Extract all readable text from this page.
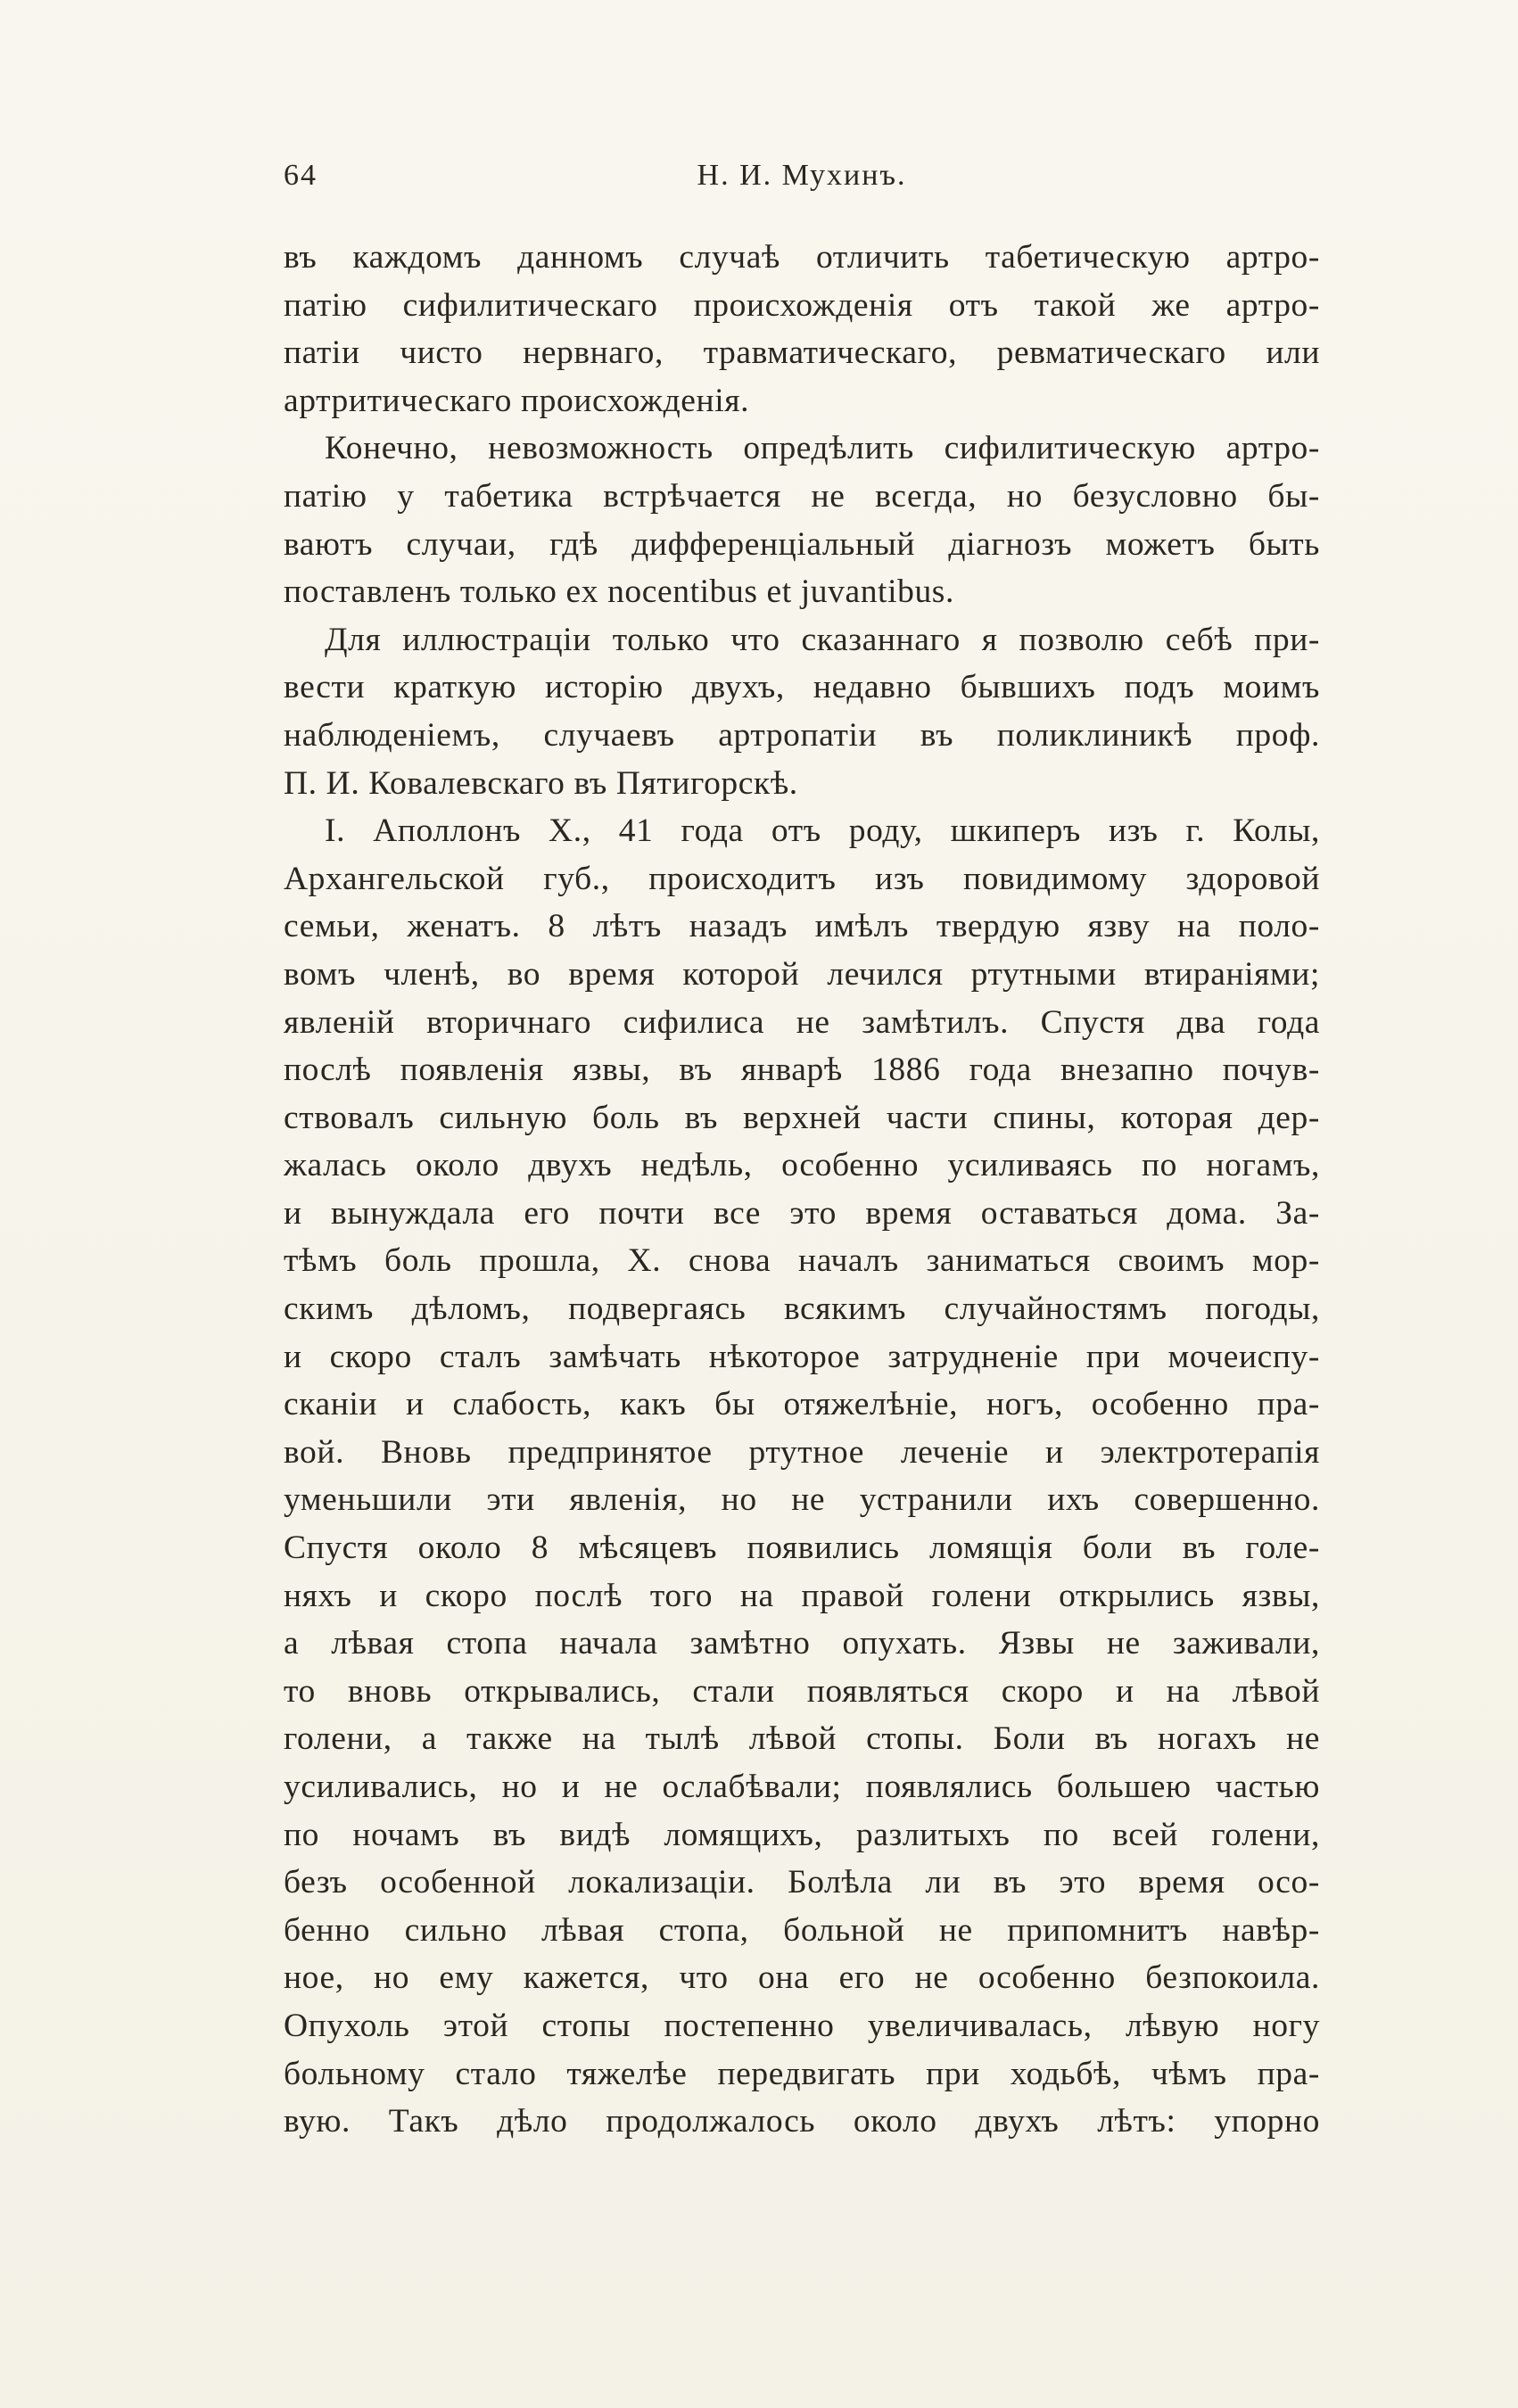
64	Н. И. Мухинъ.
въ каждомъ данномъ случаѣ отличить табетическую артро-
патію сифилитическаго происхожденія отъ такой же артро-
патіи чисто нервнаго, травматическаго, ревматическаго или
артритическаго происхожденія.
Конечно, невозможность опредѣлить сифилитическую артро-
патію у табетика встрѣчается не всегда, но безусловно бы-
ваютъ случаи, гдѣ дифференціальный діагнозъ можетъ быть
поставленъ только ex nocentibus et juvantibus.
Для иллюстраціи только что сказаннаго я позволю себѣ при-
вести краткую исторію двухъ, недавно бывшихъ подъ моимъ
наблюденіемъ, случаевъ артропатіи въ поликлиникѣ проф.
П. И. Ковалевскаго въ Пятигорскѣ.
I. Аполлонъ Х., 41 года отъ роду, шкиперъ изъ г. Колы,
Архангельской губ., происходитъ изъ повидимому здоровой
семьи, женатъ. 8 лѣтъ назадъ имѣлъ твердую язву на поло-
вомъ членѣ, во время которой лечился ртутными втираніями;
явленій вторичнаго сифилиса не замѣтилъ. Спустя два года
послѣ появленія язвы, въ январѣ 1886 года внезапно почув-
ствовалъ сильную боль въ верхней части спины, которая дер-
жалась около двухъ недѣль, особенно усиливаясь по ногамъ,
и вынуждала его почти все это время оставаться дома. За-
тѣмъ боль прошла, Х. снова началъ заниматься своимъ мор-
скимъ дѣломъ, подвергаясь всякимъ случайностямъ погоды,
и скоро сталъ замѣчать нѣкоторое затрудненіе при мочеиспу-
сканіи и слабость, какъ бы отяжелѣніе, ногъ, особенно пра-
вой. Вновь предпринятое ртутное леченіе и электротерапія
уменьшили эти явленія, но не устранили ихъ совершенно.
Спустя около 8 мѣсяцевъ появились ломящія боли въ голе-
няхъ и скоро послѣ того на правой голени открылись язвы,
а лѣвая стопа начала замѣтно опухать. Язвы не заживали,
то вновь открывались, стали появляться скоро и на лѣвой
голени, а также на тылѣ лѣвой стопы. Боли въ ногахъ не
усиливались, но и не ослабѣвали; появлялись большею частью
по ночамъ въ видѣ ломящихъ, разлитыхъ по всей голени,
безъ особенной локализаціи. Болѣла ли въ это время осо-
бенно сильно лѣвая стопа, больной не припомнитъ навѣр-
ное, но ему кажется, что она его не особенно безпокоила.
Опухоль этой стопы постепенно увеличивалась, лѣвую ногу
больному стало тяжелѣе передвигать при ходьбѣ, чѣмъ пра-
вую. Такъ дѣло продолжалось около двухъ лѣтъ: упорно
